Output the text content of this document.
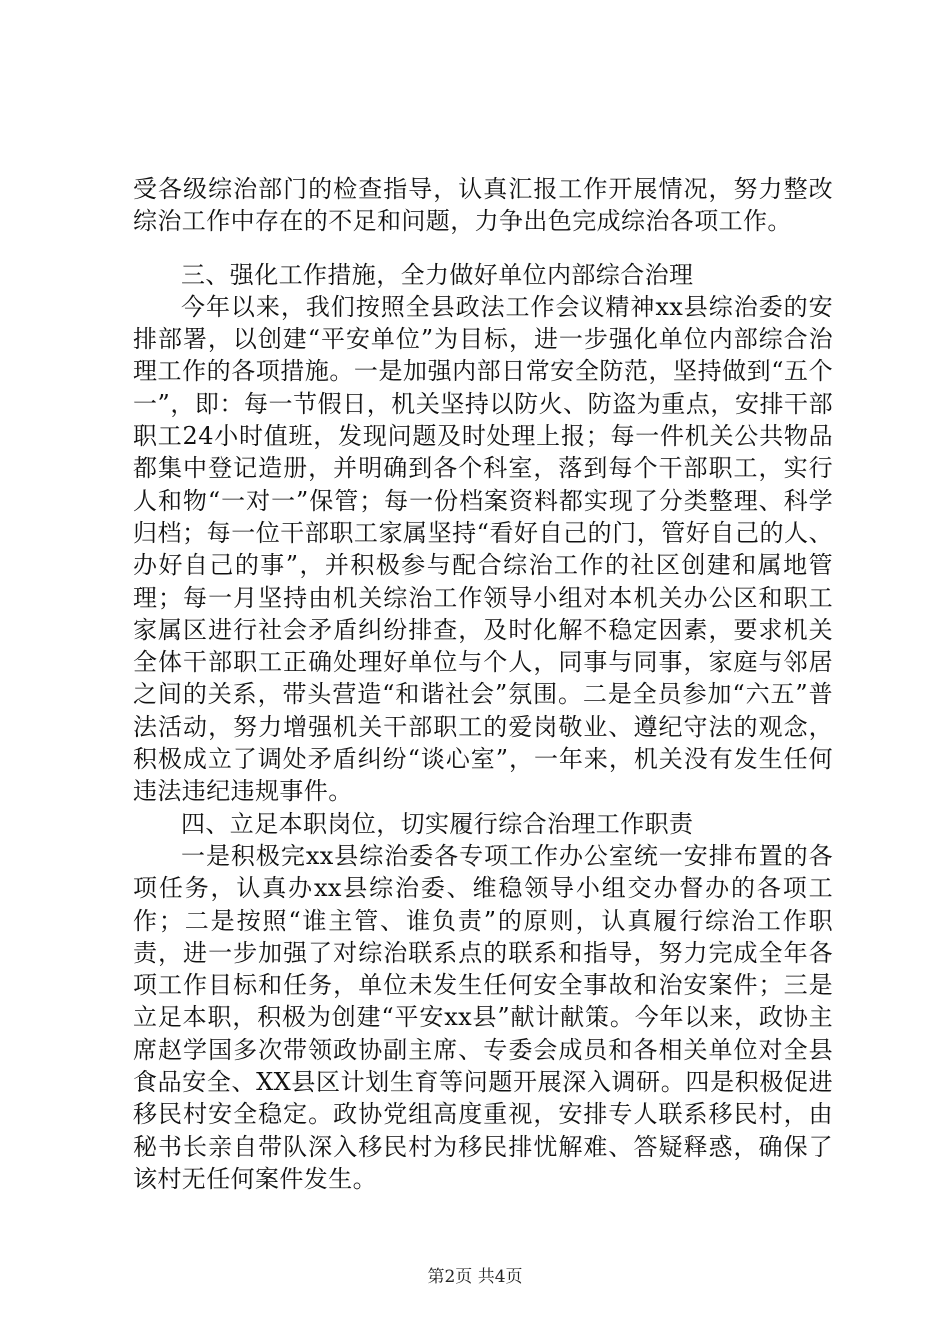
受各级综治部门的检查指导，认真汇报工作开展情况，努力整改综治工作中存在的不足和问题，力争出色完成综治各项工作。

三、强化工作措施，全力做好单位内部综合治理

今年以来，我们按照全县政法工作会议精神xx县综治委的安排部署，以创建“平安单位”为目标，进一步强化单位内部综合治理工作的各项措施。一是加强内部日常安全防范，坚持做到“五个一”，即：每一节假日，机关坚持以防火、防盗为重点，安排干部职工24小时值班，发现问题及时处理上报；每一件机关公共物品都集中登记造册，并明确到各个科室，落到每个干部职工，实行人和物“一对一”保管；每一份档案资料都实现了分类整理、科学归档；每一位干部职工家属坚持“看好自己的门，管好自己的人、办好自己的事”，并积极参与配合综治工作的社区创建和属地管理；每一月坚持由机关综治工作领导小组对本机关办公区和职工家属区进行社会矛盾纠纷排查，及时化解不稳定因素，要求机关全体干部职工正确处理好单位与个人，同事与同事，家庭与邻居之间的关系，带头营造“和谐社会”氛围。二是全员参加“六五”普法活动，努力增强机关干部职工的爱岗敬业、遵纪守法的观念，积极成立了调处矛盾纠纷“谈心室”，一年来，机关没有发生任何违法违纪违规事件。

四、立足本职岗位，切实履行综合治理工作职责

一是积极完xx县综治委各专项工作办公室统一安排布置的各项任务，认真办xx县综治委、维稳领导小组交办督办的各项工作；二是按照“谁主管、谁负责”的原则，认真履行综治工作职责，进一步加强了对综治联系点的联系和指导，努力完成全年各项工作目标和任务，单位未发生任何安全事故和治安案件；三是立足本职，积极为创建“平安xx县”献计献策。今年以来，政协主席赵学国多次带领政协副主席、专委会成员和各相关单位对全县食品安全、XX县区计划生育等问题开展深入调研。四是积极促进移民村安全稳定。政协党组高度重视，安排专人联系移民村，由秘书长亲自带队深入移民村为移民排忧解难、答疑释惑，确保了该村无任何案件发生。

第2页 共4页
